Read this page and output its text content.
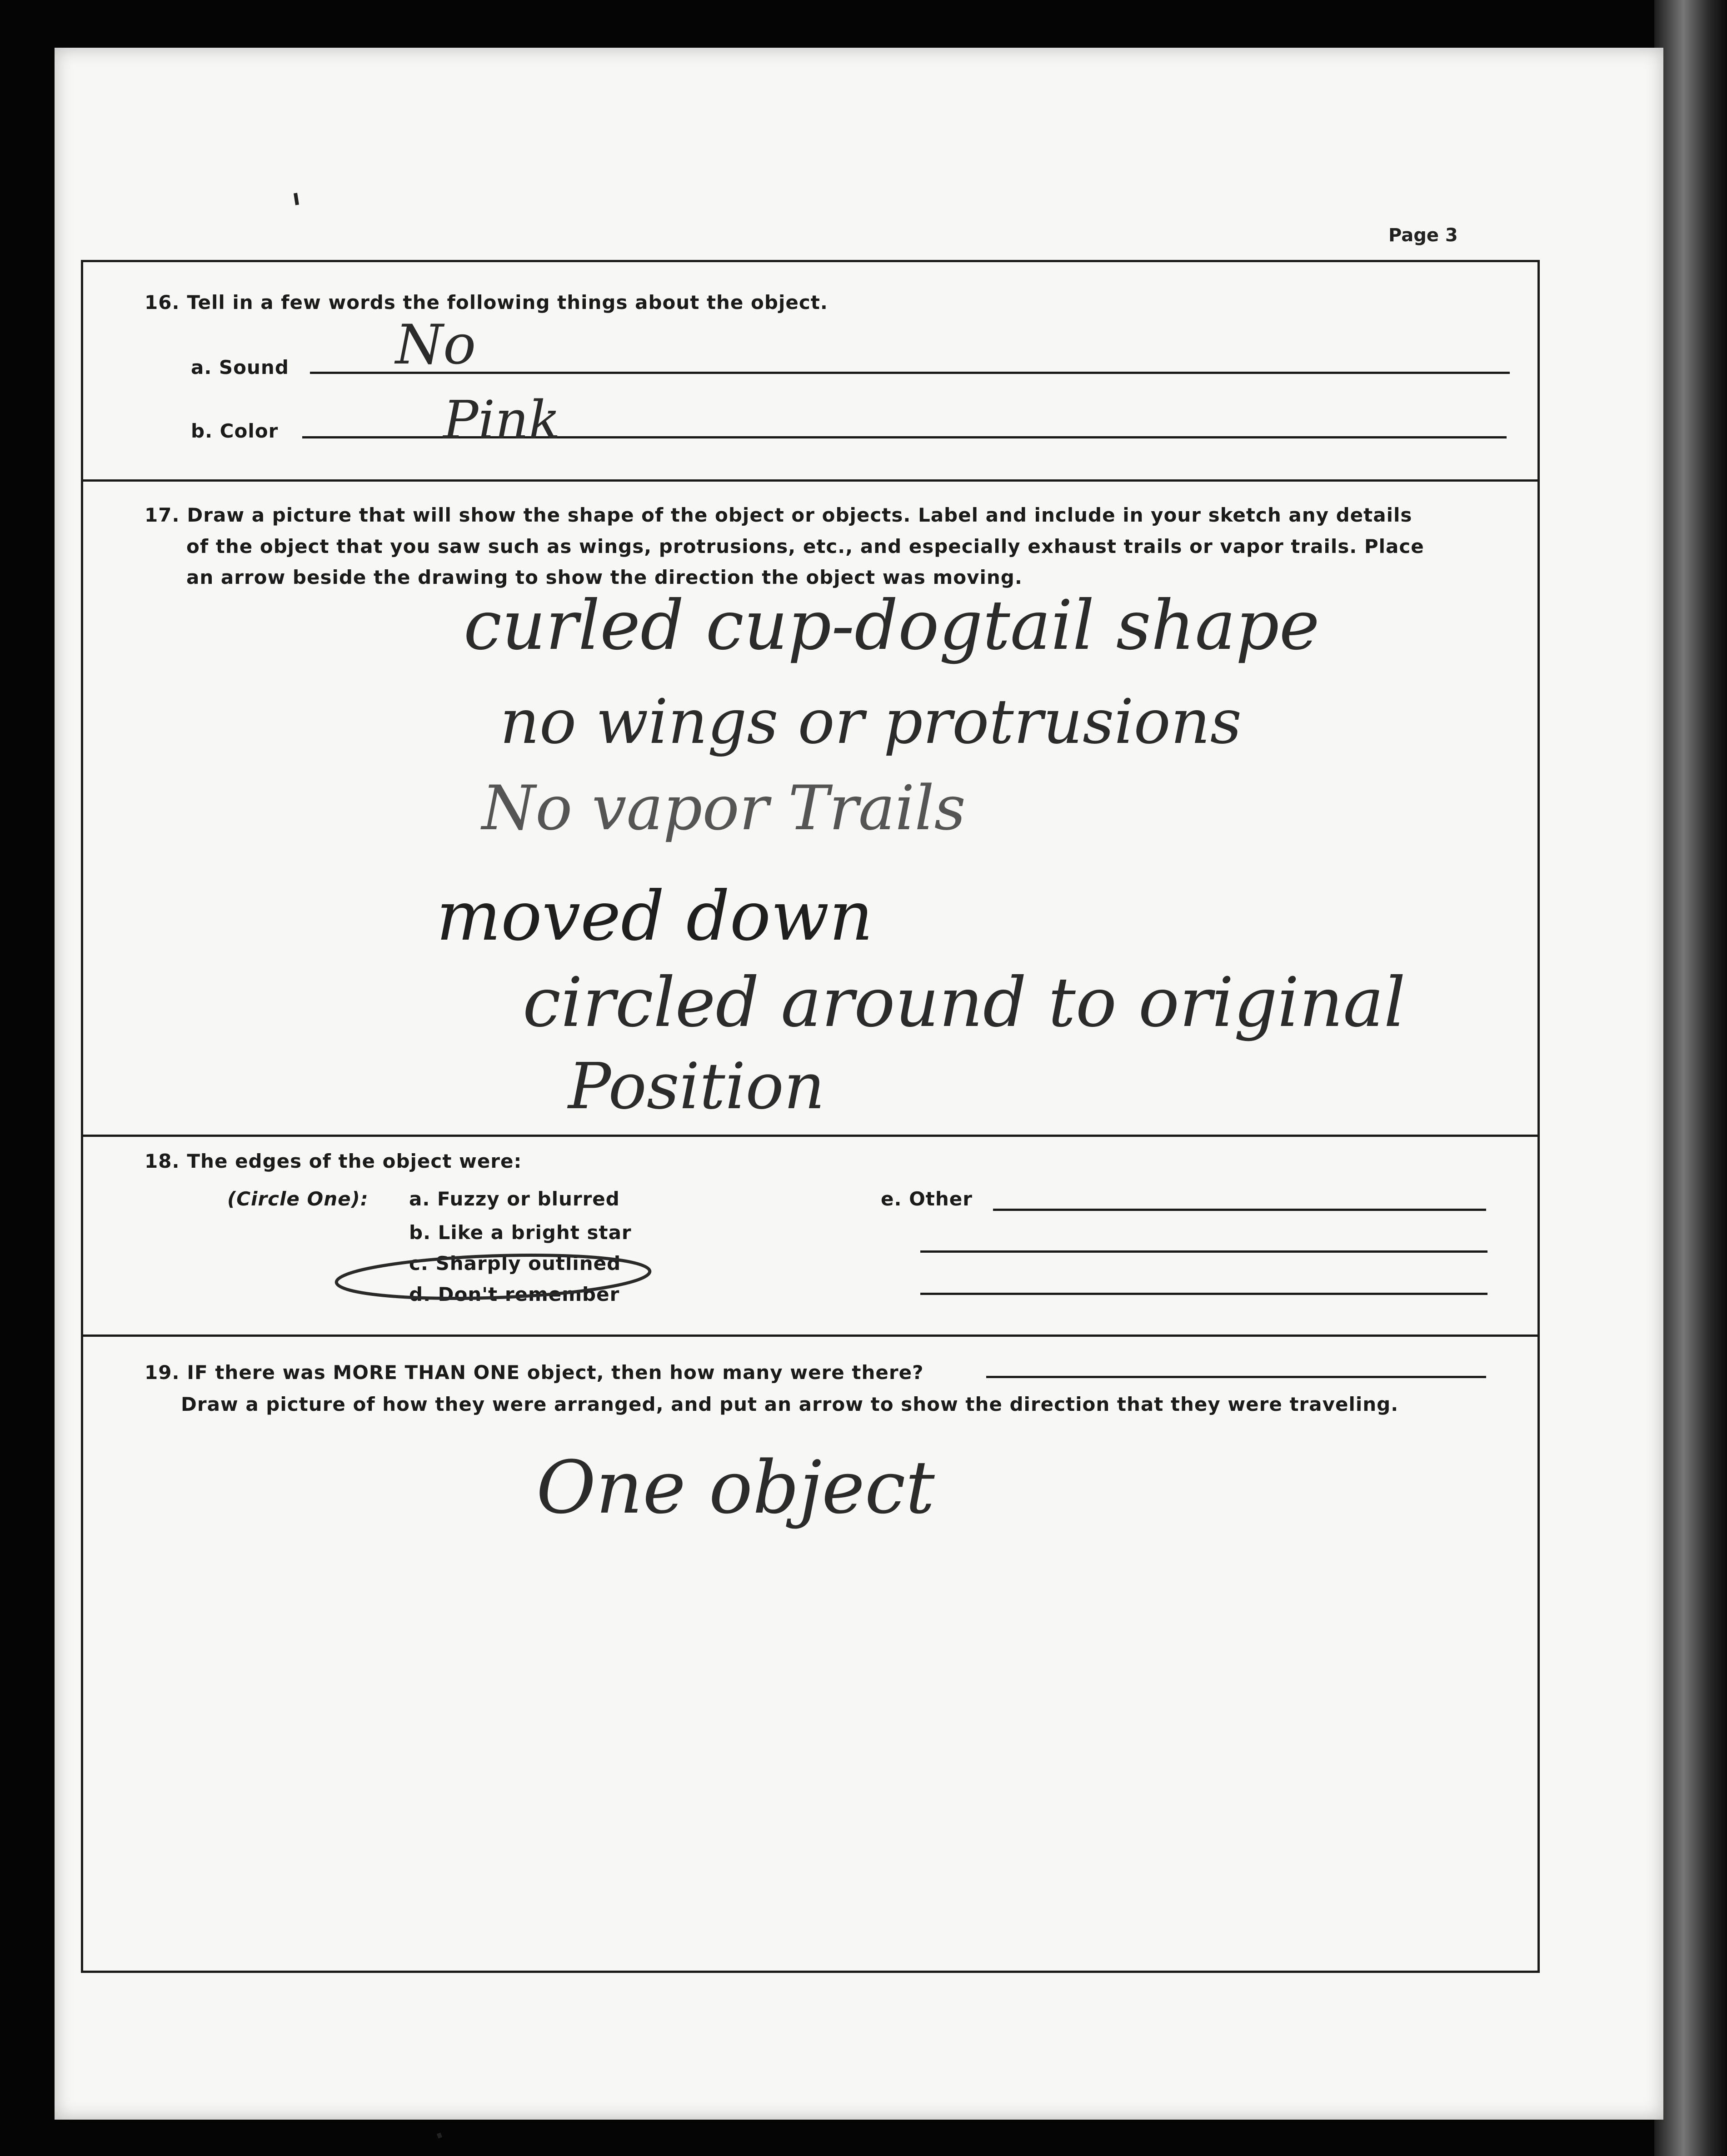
Page 3
16. Tell in a few words the following things about the object.
a. Sound No
b. Color	Pink
17. Draw a picture that will show the shape of the object or objects. Label and include in your sketch any details
of the object that you saw such as wings, protrusions, etc., and especially exhaust trails or vapor trails. Place
an arrow beside the drawing to show the direction the object was moving.
curled cup-dogtail shape
no wings or protrusions
No vapor Trails
moved down
circled around to original
Position
18. The edges of the object were:
(Circle One): a. Fuzzy or blurred
b. Like a bright star
c. Sharply outlined
d. Don't remember
e. Other
19. IF there was MORE THAN ONE object, then how many were there?
Draw a picture of how they were arranged, and put an arrow to show the direction that they were traveling.
One object
